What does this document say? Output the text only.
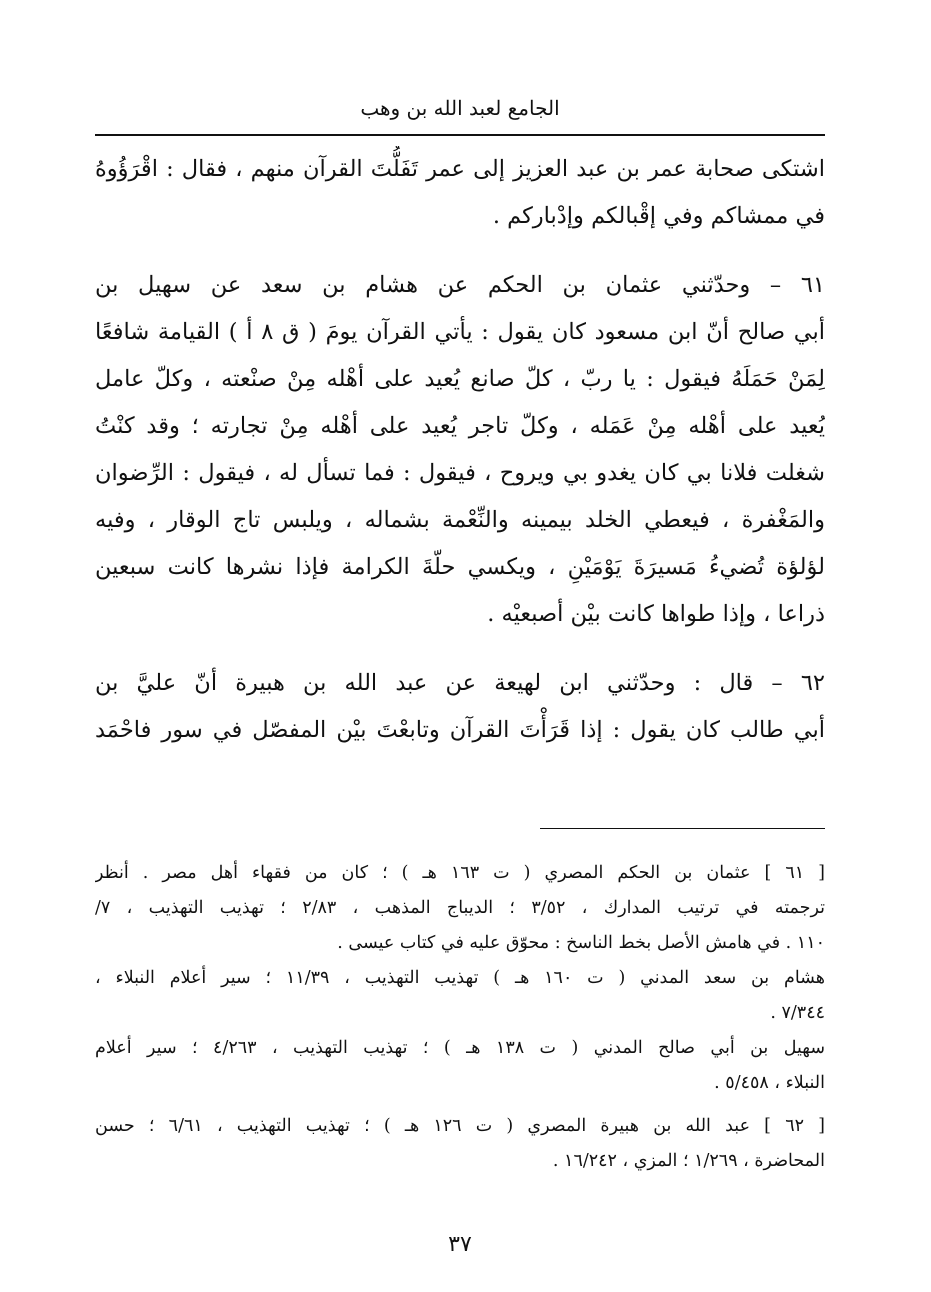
الجامع لعبد الله بن وهب
اشتكى صحابة عمر بن عبد العزيز إلى عمر تَفَلُّتَ القرآن منهم ، فقال : اقْرَؤُوهُ
في ممشاكم وفي إقْبالكم وإدْباركم .
٦١ – وحدّثني عثمان بن الحكم عن هشام بن سعد عن سهيل بن
أبي صالح أنّ ابن مسعود كان يقول : يأتي القرآن يومَ ( ق ٨ أ ) القيامة شافعًا
لِمَنْ حَمَلَهُ فيقول : يا ربّ ، كلّ صانع يُعيد على أهْله مِنْ صنْعته ، وكلّ عامل
يُعيد على أهْله مِنْ عَمَله ، وكلّ تاجر يُعيد على أهْله مِنْ تجارته ؛ وقد كنْتُ
شغلت فلانا بي كان يغدو بي ويروح ، فيقول : فما تسأل له ، فيقول : الرِّضوان
والمَغْفرة ، فيعطي الخلد بيمينه والنِّعْمة بشماله ، ويلبس تاج الوقار ، وفيه
لؤلؤة تُضيءُ مَسيرَةَ يَوْمَيْنِ ، ويكسي حلّةَ الكرامة فإذا نشرها كانت سبعين
ذراعا ، وإذا طواها كانت بيْن أصبعيْه .
٦٢ – قال : وحدّثني ابن لهيعة عن عبد الله بن هبيرة أنّ عليَّ بن
أبي طالب كان يقول : إذا قَرَأْتَ القرآن وتابعْتَ بيْن المفصّل في سور فاحْمَد
[ ٦١ ] عثمان بن الحكم المصري ( ت ١٦٣ هـ ) ؛ كان من فقهاء أهل مصر . أنظر
ترجمته في ترتيب المدارك ، ٣/٥٢ ؛ الديباج المذهب ، ٢/٨٣ ؛ تهذيب التهذيب ، ٧/
١١٠ . في هامش الأصل بخط الناسخ : محوّق عليه في كتاب عيسى .
هشام بن سعد المدني ( ت ١٦٠ هـ ) تهذيب التهذيب ، ١١/٣٩ ؛ سير أعلام النبلاء ،
٧/٣٤٤ .
سهيل بن أبي صالح المدني ( ت ١٣٨ هـ ) ؛ تهذيب التهذيب ، ٤/٢٦٣ ؛ سير أعلام
النبلاء ، ٥/٤٥٨ .
[ ٦٢ ] عبد الله بن هبيرة المصري ( ت ١٢٦ هـ ) ؛ تهذيب التهذيب ، ٦/٦١ ؛ حسن
المحاضرة ، ١/٢٦٩ ؛ المزي ، ١٦/٢٤٢ .
٣٧
